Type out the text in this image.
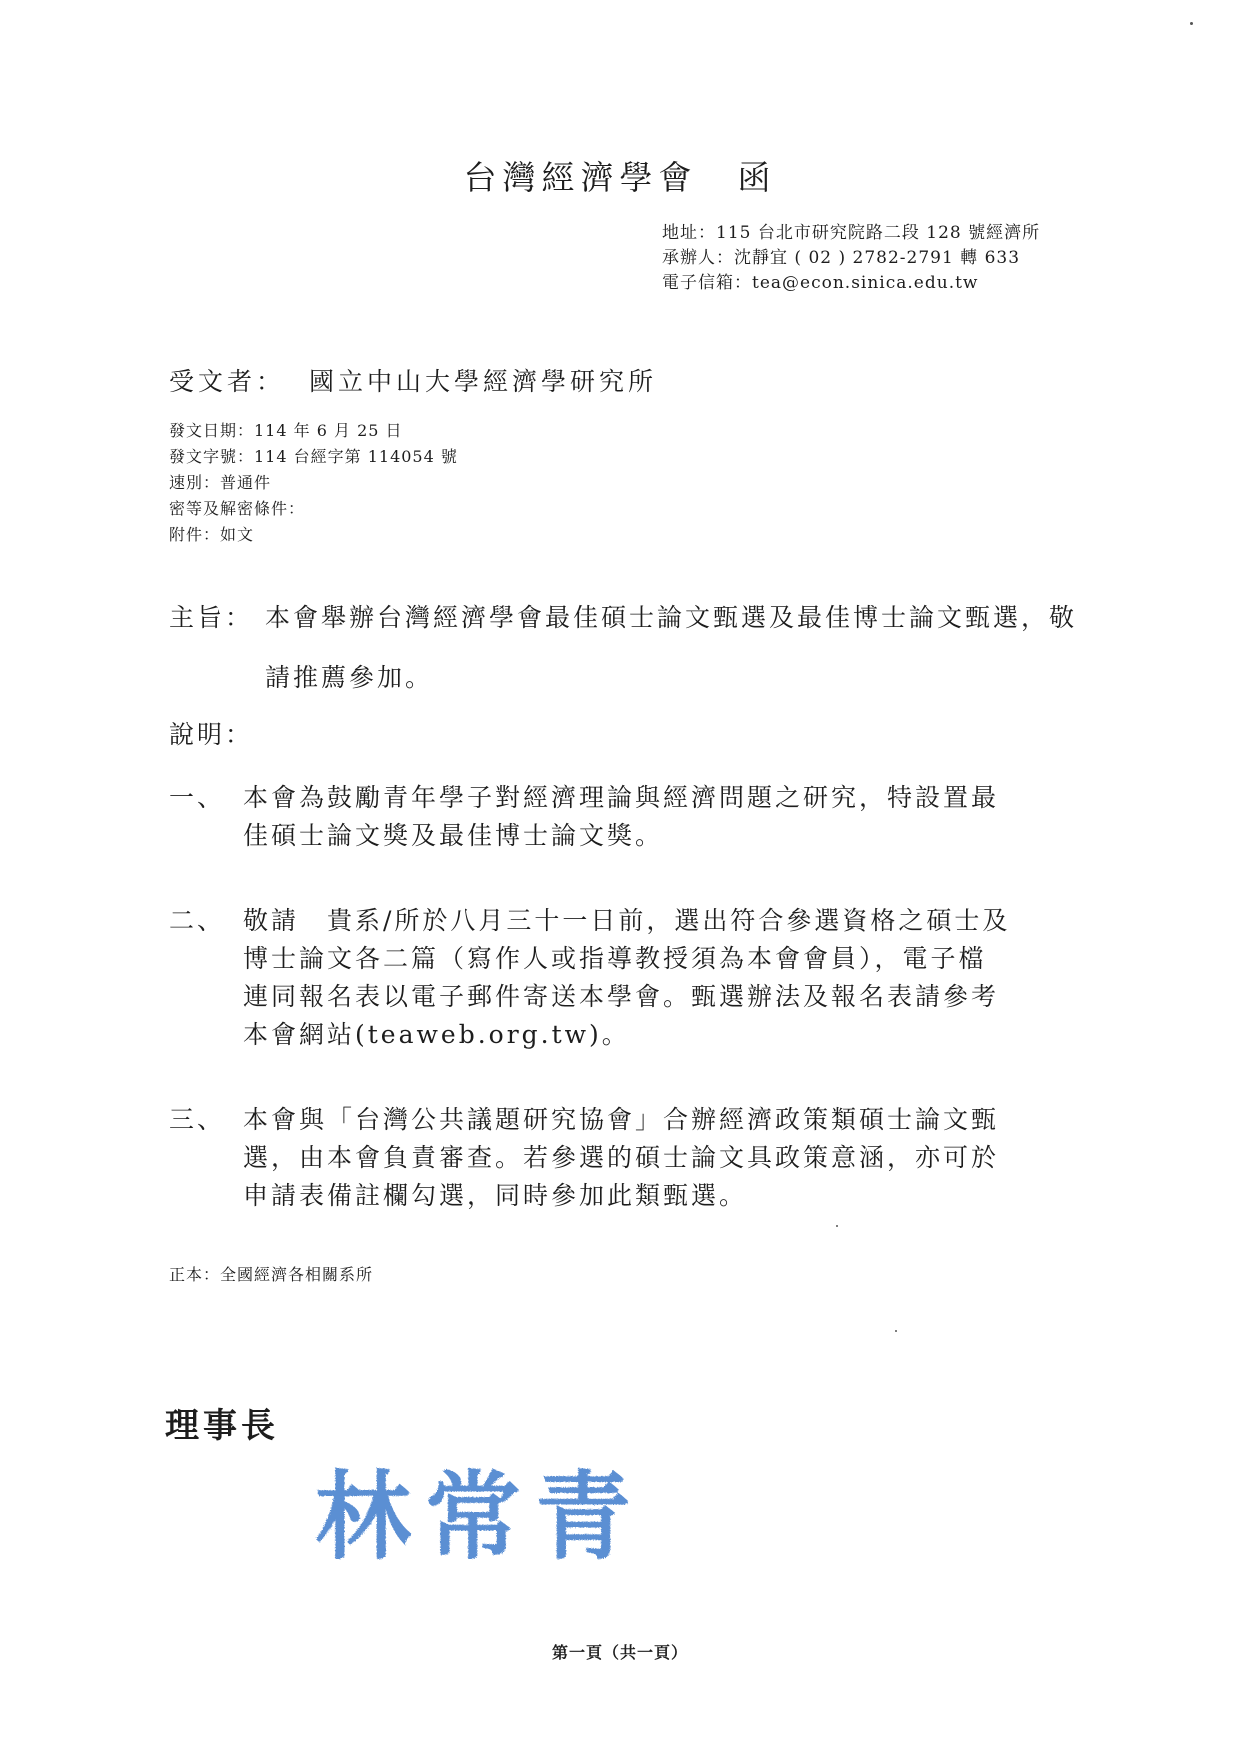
台灣經濟學會 函
地址：115 台北市研究院路二段 128 號經濟所
承辦人：沈靜宜 ( 02 ) 2782-2791 轉 633
電子信箱：tea@econ.sinica.edu.tw
受文者： 國立中山大學經濟學研究所
發文日期：114 年 6 月 25 日
發文字號：114 台經字第 114054 號
速別：普通件
密等及解密條件：
附件：如文
主旨： 本會舉辦台灣經濟學會最佳碩士論文甄選及最佳博士論文甄選，敬
請推薦參加。
說明：
一、 本會為鼓勵青年學子對經濟理論與經濟問題之研究，特設置最
佳碩士論文獎及最佳博士論文獎。
二、 敬請　貴系/所於八月三十一日前，選出符合參選資格之碩士及
博士論文各二篇（寫作人或指導教授須為本會會員），電子檔
連同報名表以電子郵件寄送本學會。甄選辦法及報名表請參考
本會網站(teaweb.org.tw)。
三、 本會與「台灣公共議題研究協會」合辦經濟政策類碩士論文甄
選，由本會負責審查。若參選的碩士論文具政策意涵，亦可於
申請表備註欄勾選，同時參加此類甄選。
正本：全國經濟各相關系所
理事長
林常青
第一頁（共一頁）
